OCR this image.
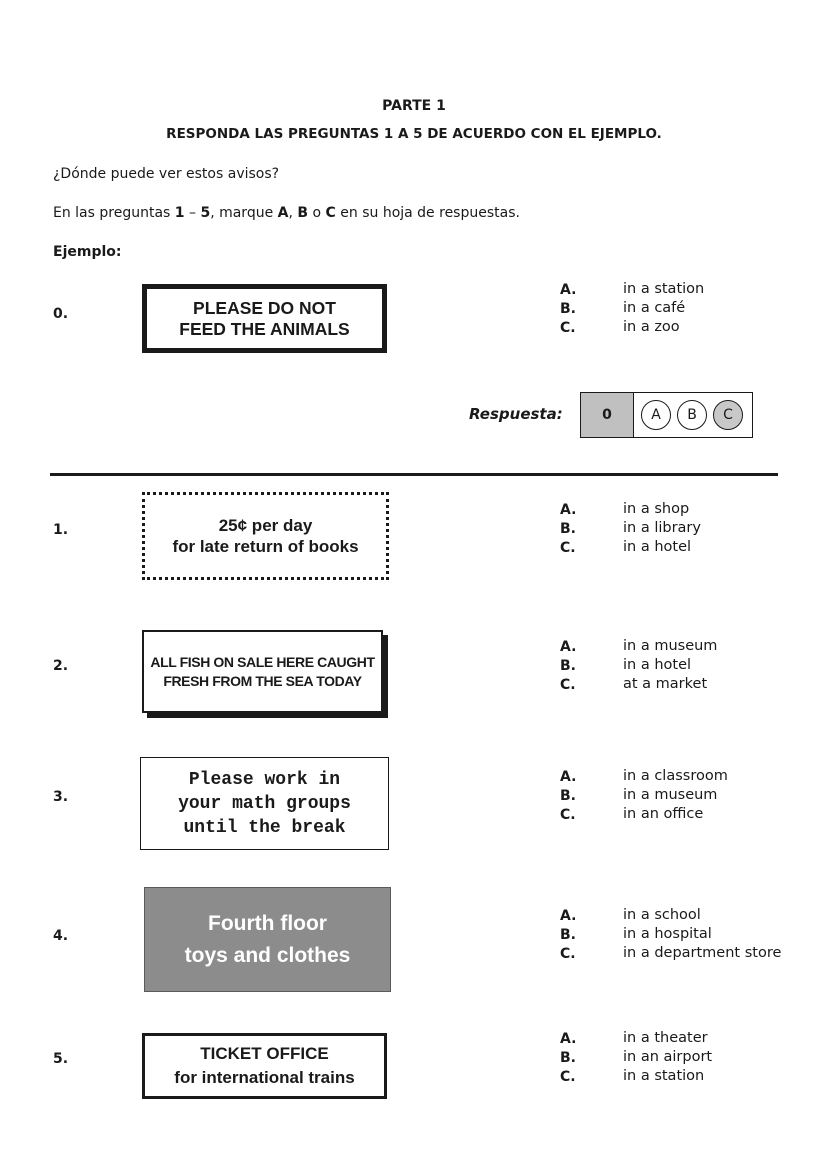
PARTE 1
RESPONDA LAS PREGUNTAS 1 A 5 DE ACUERDO CON EL EJEMPLO.
¿Dónde puede ver estos avisos?
En las preguntas 1 – 5, marque A, B o C en su hoja de respuestas.
Ejemplo:
0.	PLEASE DO NOT
FEED THE ANIMALS
A.	in a station
B.	in a café
C.	in a zoo
Respuesta:	0	A	B	C
1.	25¢ per day
for late return of books
A.	in a shop
B.	in a library
C.	in a hotel
2.	ALL FISH ON SALE HERE CAUGHT
FRESH FROM THE SEA TODAY
A.	in a museum
B.	in a hotel
C.	at a market
3.
Please work in
your math groups
until the break
A.	in a classroom
B.	in a museum
C.	in an office
4.
Fourth floor
toys and clothes
A.	in a school
B.	in a hospital
C.	in a department store
5.	TICKET OFFICE
for international trains
A.	in a theater
B.	in an airport
C.	in a station
